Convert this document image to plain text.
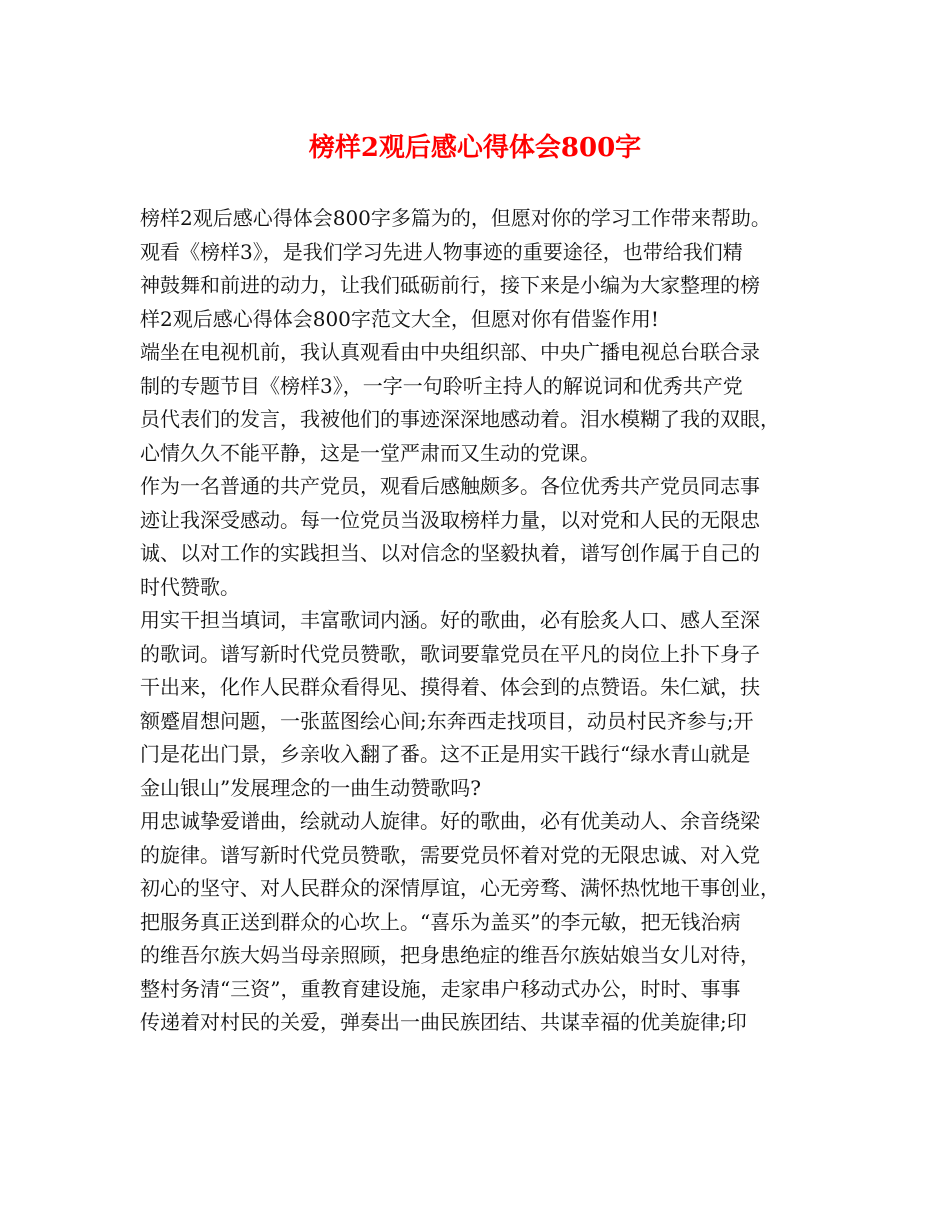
榜样2观后感心得体会800字
榜样2观后感心得体会800字多篇为的，但愿对你的学习工作带来帮助。
观看《榜样3》，是我们学习先进人物事迹的重要途径，也带给我们精
神鼓舞和前进的动力，让我们砥砺前行，接下来是小编为大家整理的榜
样2观后感心得体会800字范文大全，但愿对你有借鉴作用!
端坐在电视机前，我认真观看由中央组织部、中央广播电视总台联合录
制的专题节目《榜样3》，一字一句聆听主持人的解说词和优秀共产党
员代表们的发言，我被他们的事迹深深地感动着。泪水模糊了我的双眼，
心情久久不能平静，这是一堂严肃而又生动的党课。
作为一名普通的共产党员，观看后感触颇多。各位优秀共产党员同志事
迹让我深受感动。每一位党员当汲取榜样力量，以对党和人民的无限忠
诚、以对工作的实践担当、以对信念的坚毅执着，谱写创作属于自己的
时代赞歌。
用实干担当填词，丰富歌词内涵。好的歌曲，必有脍炙人口、感人至深
的歌词。谱写新时代党员赞歌，歌词要靠党员在平凡的岗位上扑下身子
干出来，化作人民群众看得见、摸得着、体会到的点赞语。朱仁斌，扶
额蹙眉想问题，一张蓝图绘心间;东奔西走找项目，动员村民齐参与;开
门是花出门景，乡亲收入翻了番。这不正是用实干践行“绿水青山就是
金山银山”发展理念的一曲生动赞歌吗?
用忠诚挚爱谱曲，绘就动人旋律。好的歌曲，必有优美动人、余音绕梁
的旋律。谱写新时代党员赞歌，需要党员怀着对党的无限忠诚、对入党
初心的坚守、对人民群众的深情厚谊，心无旁骛、满怀热忱地干事创业，
把服务真正送到群众的心坎上。“喜乐为盖买”的李元敏，把无钱治病
的维吾尔族大妈当母亲照顾，把身患绝症的维吾尔族姑娘当女儿对待，
整村务清“三资”，重教育建设施，走家串户移动式办公，时时、事事
传递着对村民的关爱，弹奏出一曲民族团结、共谋幸福的优美旋律;印
